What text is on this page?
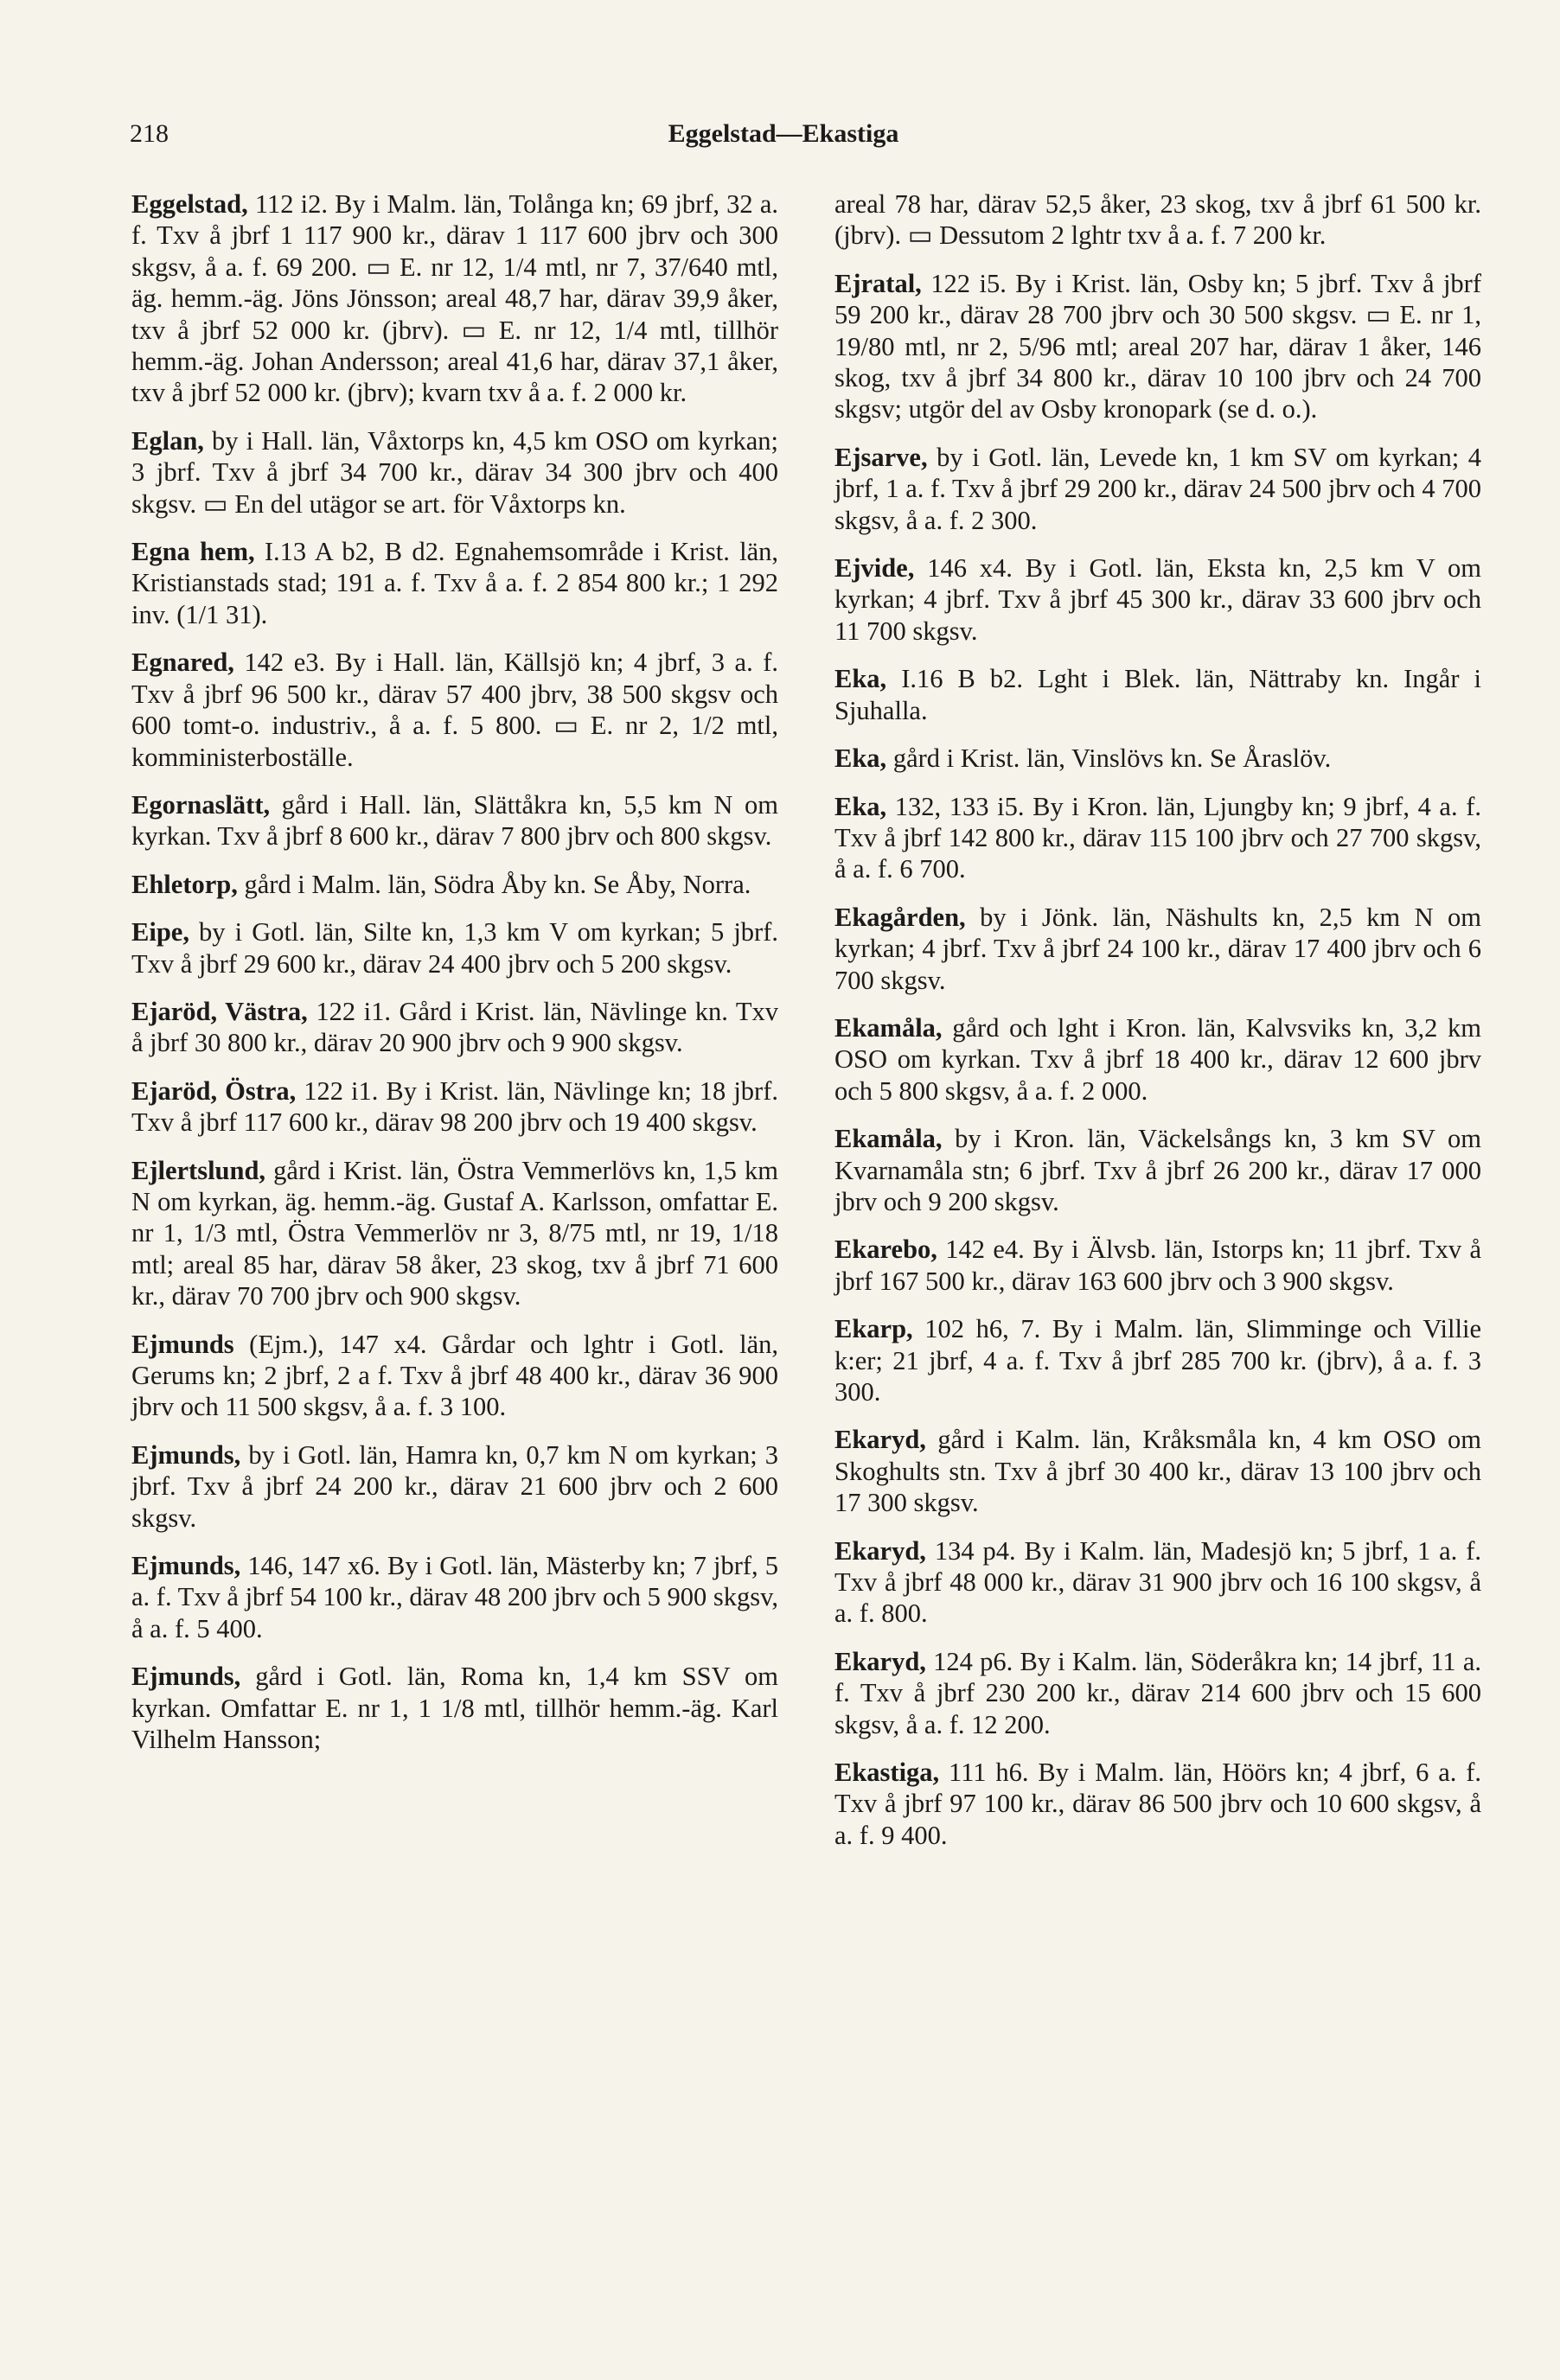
218	Eggelstad—Ekastiga

Eggelstad, 112 i2. By i Malm. län, Tolånga kn; 69 jbrf, 32 a. f. Txv å jbrf 1 117 900 kr., därav 1 117 600 jbrv och 300 skgsv, å a. f. 69 200. ▭ E. nr 12, 1/4 mtl, nr 7, 37/640 mtl, äg. hemm.-äg. Jöns Jönsson; areal 48,7 har, därav 39,9 åker, txv å jbrf 52 000 kr. (jbrv). ▭ E. nr 12, 1/4 mtl, tillhör hemm.-äg. Johan Andersson; areal 41,6 har, därav 37,1 åker, txv å jbrf 52 000 kr. (jbrv); kvarn txv å a. f. 2 000 kr.

Eglan, by i Hall. län, Våxtorps kn, 4,5 km OSO om kyrkan; 3 jbrf. Txv å jbrf 34 700 kr., därav 34 300 jbrv och 400 skgsv. ▭ En del utägor se art. för Våxtorps kn.

Egna hem, I.13 A b2, B d2. Egnahemsområde i Krist. län, Kristianstads stad; 191 a. f. Txv å a. f. 2 854 800 kr.; 1 292 inv. (1/1 31).

Egnared, 142 e3. By i Hall. län, Källsjö kn; 4 jbrf, 3 a. f. Txv å jbrf 96 500 kr., därav 57 400 jbrv, 38 500 skgsv och 600 tomt-o. industriv., å a. f. 5 800. ▭ E. nr 2, 1/2 mtl, komministerboställe.

Egornaslätt, gård i Hall. län, Slättåkra kn, 5,5 km N om kyrkan. Txv å jbrf 8 600 kr., därav 7 800 jbrv och 800 skgsv.

Ehletorp, gård i Malm. län, Södra Åby kn. Se Åby, Norra.

Eipe, by i Gotl. län, Silte kn, 1,3 km V om kyrkan; 5 jbrf. Txv å jbrf 29 600 kr., därav 24 400 jbrv och 5 200 skgsv.

Ejaröd, Västra, 122 i1. Gård i Krist. län, Nävlinge kn. Txv å jbrf 30 800 kr., därav 20 900 jbrv och 9 900 skgsv.

Ejaröd, Östra, 122 i1. By i Krist. län, Nävlinge kn; 18 jbrf. Txv å jbrf 117 600 kr., därav 98 200 jbrv och 19 400 skgsv.

Ejlertslund, gård i Krist. län, Östra Vemmerlövs kn, 1,5 km N om kyrkan, äg. hemm.-äg. Gustaf A. Karlsson, omfattar E. nr 1, 1/3 mtl, Östra Vemmerlöv nr 3, 8/75 mtl, nr 19, 1/18 mtl; areal 85 har, därav 58 åker, 23 skog, txv å jbrf 71 600 kr., därav 70 700 jbrv och 900 skgsv.

Ejmunds (Ejm.), 147 x4. Gårdar och lghtr i Gotl. län, Gerums kn; 2 jbrf, 2 a f. Txv å jbrf 48 400 kr., därav 36 900 jbrv och 11 500 skgsv, å a. f. 3 100.

Ejmunds, by i Gotl. län, Hamra kn, 0,7 km N om kyrkan; 3 jbrf. Txv å jbrf 24 200 kr., därav 21 600 jbrv och 2 600 skgsv.

Ejmunds, 146, 147 x6. By i Gotl. län, Mästerby kn; 7 jbrf, 5 a. f. Txv å jbrf 54 100 kr., därav 48 200 jbrv och 5 900 skgsv, å a. f. 5 400.

Ejmunds, gård i Gotl. län, Roma kn, 1,4 km SSV om kyrkan. Omfattar E. nr 1, 1 1/8 mtl, tillhör hemm.-äg. Karl Vilhelm Hansson;

areal 78 har, därav 52,5 åker, 23 skog, txv å jbrf 61 500 kr. (jbrv). ▭ Dessutom 2 lghtr txv å a. f. 7 200 kr.

Ejratal, 122 i5. By i Krist. län, Osby kn; 5 jbrf. Txv å jbrf 59 200 kr., därav 28 700 jbrv och 30 500 skgsv. ▭ E. nr 1, 19/80 mtl, nr 2, 5/96 mtl; areal 207 har, därav 1 åker, 146 skog, txv å jbrf 34 800 kr., därav 10 100 jbrv och 24 700 skgsv; utgör del av Osby kronopark (se d. o.).

Ejsarve, by i Gotl. län, Levede kn, 1 km SV om kyrkan; 4 jbrf, 1 a. f. Txv å jbrf 29 200 kr., därav 24 500 jbrv och 4 700 skgsv, å a. f. 2 300.

Ejvide, 146 x4. By i Gotl. län, Eksta kn, 2,5 km V om kyrkan; 4 jbrf. Txv å jbrf 45 300 kr., därav 33 600 jbrv och 11 700 skgsv.

Eka, I.16 B b2. Lght i Blek. län, Nättraby kn. Ingår i Sjuhalla.

Eka, gård i Krist. län, Vinslövs kn. Se Åraslöv.

Eka, 132, 133 i5. By i Kron. län, Ljungby kn; 9 jbrf, 4 a. f. Txv å jbrf 142 800 kr., därav 115 100 jbrv och 27 700 skgsv, å a. f. 6 700.

Ekagården, by i Jönk. län, Näshults kn, 2,5 km N om kyrkan; 4 jbrf. Txv å jbrf 24 100 kr., därav 17 400 jbrv och 6 700 skgsv.

Ekamåla, gård och lght i Kron. län, Kalvsviks kn, 3,2 km OSO om kyrkan. Txv å jbrf 18 400 kr., därav 12 600 jbrv och 5 800 skgsv, å a. f. 2 000.

Ekamåla, by i Kron. län, Väckelsångs kn, 3 km SV om Kvarnamåla stn; 6 jbrf. Txv å jbrf 26 200 kr., därav 17 000 jbrv och 9 200 skgsv.

Ekarebo, 142 e4. By i Älvsb. län, Istorps kn; 11 jbrf. Txv å jbrf 167 500 kr., därav 163 600 jbrv och 3 900 skgsv.

Ekarp, 102 h6, 7. By i Malm. län, Slimminge och Villie k:er; 21 jbrf, 4 a. f. Txv å jbrf 285 700 kr. (jbrv), å a. f. 3 300.

Ekaryd, gård i Kalm. län, Kråksmåla kn, 4 km OSO om Skoghults stn. Txv å jbrf 30 400 kr., därav 13 100 jbrv och 17 300 skgsv.

Ekaryd, 134 p4. By i Kalm. län, Madesjö kn; 5 jbrf, 1 a. f. Txv å jbrf 48 000 kr., därav 31 900 jbrv och 16 100 skgsv, å a. f. 800.

Ekaryd, 124 p6. By i Kalm. län, Söderåkra kn; 14 jbrf, 11 a. f. Txv å jbrf 230 200 kr., därav 214 600 jbrv och 15 600 skgsv, å a. f. 12 200.

Ekastiga, 111 h6. By i Malm. län, Höörs kn; 4 jbrf, 6 a. f. Txv å jbrf 97 100 kr., därav 86 500 jbrv och 10 600 skgsv, å a. f. 9 400.
